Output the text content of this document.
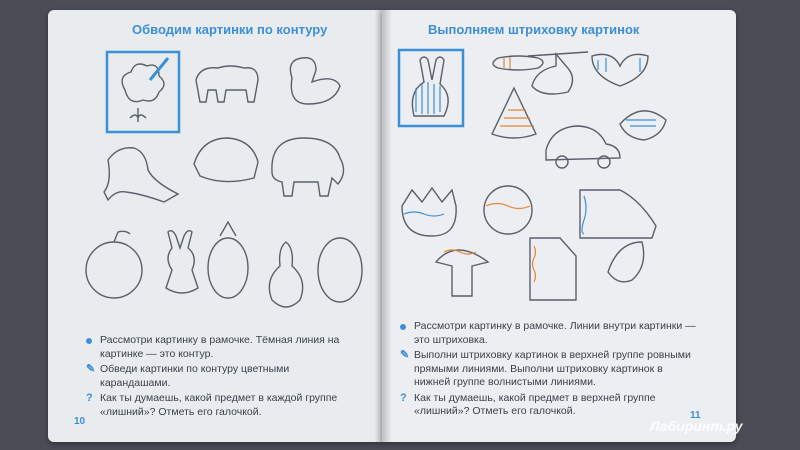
Обводим картинки по контуру	Выполняем штриховку картинок
Рассмотри картинку в рамочке. Тёмная линия на картинке — это контур.
✎ Обведи картинки по контуру цветными карандашами.
? Как ты думаешь, какой предмет в каждой группе «лишний»? Отметь его галочкой.
10
Рассмотри картинку в рамочке. Линии внутри картинки — это штриховка.
✎ Выполни штриховку картинок в верхней группе ровными прямыми линиями. Выполни штриховку картинок в нижней группе волнистыми линиями.
? Как ты думаешь, какой предмет в верхней группе «лишний»? Отметь его галочкой.	11
Лабиринт.ру
